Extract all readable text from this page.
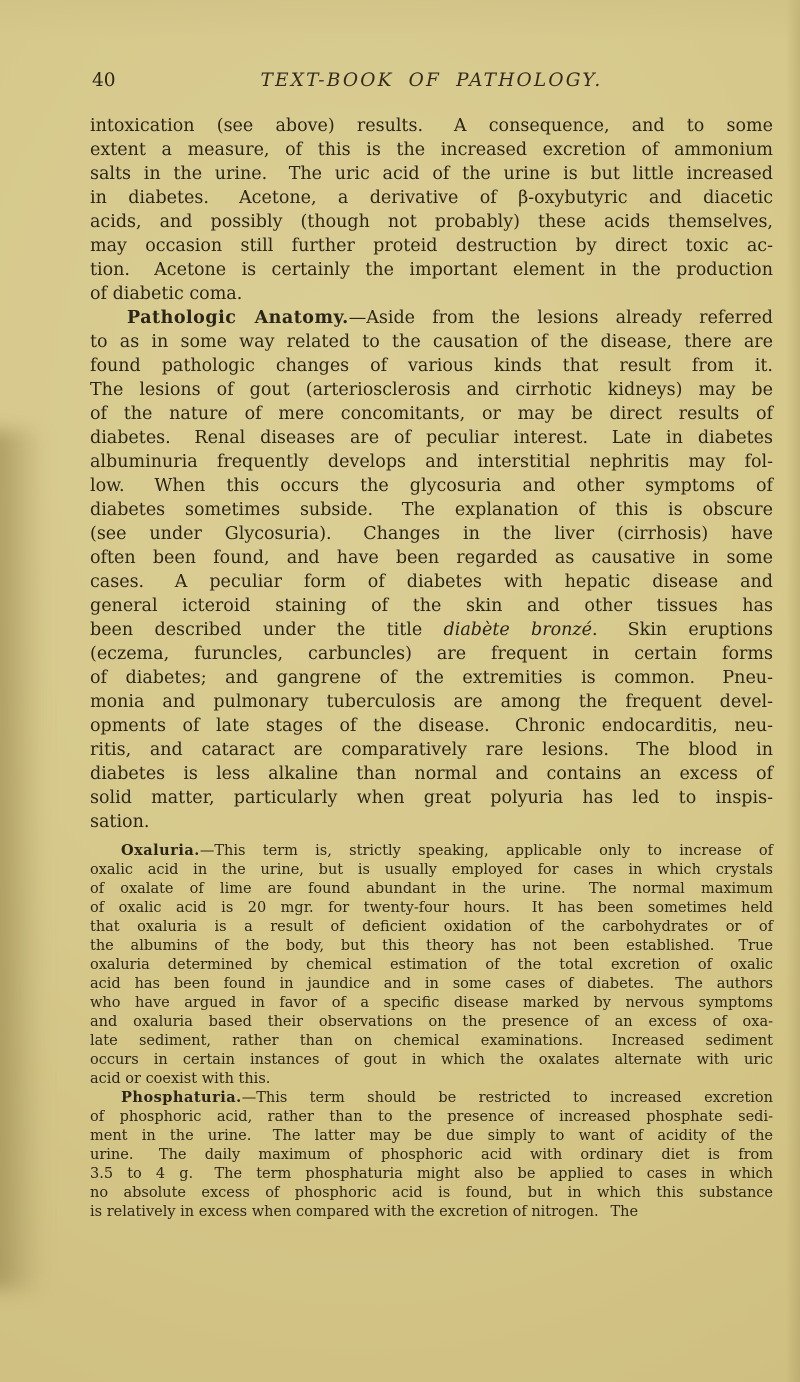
40	TEXT-BOOK OF PATHOLOGY.
intoxication (see above) results.  A consequence, and to some
extent a measure, of this is the increased excretion of ammonium
salts in the urine.  The uric acid of the urine is but little increased
in diabetes.  Acetone, a derivative of β-oxybutyric and diacetic
acids, and possibly (though not probably) these acids themselves,
may occasion still further proteid destruction by direct toxic ac-
tion.  Acetone is certainly the important element in the production
of diabetic coma.
Pathologic Anatomy.—Aside from the lesions already referred
to as in some way related to the causation of the disease, there are
found pathologic changes of various kinds that result from it.
The lesions of gout (arteriosclerosis and cirrhotic kidneys) may be
of the nature of mere concomitants, or may be direct results of
diabetes.  Renal diseases are of peculiar interest.  Late in diabetes
albuminuria frequently develops and interstitial nephritis may fol-
low.  When this occurs the glycosuria and other symptoms of
diabetes sometimes subside.  The explanation of this is obscure
(see under Glycosuria).  Changes in the liver (cirrhosis) have
often been found, and have been regarded as causative in some
cases.  A peculiar form of diabetes with hepatic disease and
general icteroid staining of the skin and other tissues has
been described under the title diabète bronzé.  Skin eruptions
(eczema, furuncles, carbuncles) are frequent in certain forms
of diabetes; and gangrene of the extremities is common.  Pneu-
monia and pulmonary tuberculosis are among the frequent devel-
opments of late stages of the disease.  Chronic endocarditis, neu-
ritis, and cataract are comparatively rare lesions.  The blood in
diabetes is less alkaline than normal and contains an excess of
solid matter, particularly when great polyuria has led to inspis-
sation.
Oxaluria.—This term is, strictly speaking, applicable only to increase of
oxalic acid in the urine, but is usually employed for cases in which crystals
of oxalate of lime are found abundant in the urine.  The normal maximum
of oxalic acid is 20 mgr. for twenty-four hours.  It has been sometimes held
that oxaluria is a result of deficient oxidation of the carbohydrates or of
the albumins of the body, but this theory has not been established.  True
oxaluria determined by chemical estimation of the total excretion of oxalic
acid has been found in jaundice and in some cases of diabetes.  The authors
who have argued in favor of a specific disease marked by nervous symptoms
and oxaluria based their observations on the presence of an excess of oxa-
late sediment, rather than on chemical examinations.  Increased sediment
occurs in certain instances of gout in which the oxalates alternate with uric
acid or coexist with this.
Phosphaturia.—This term should be restricted to increased excretion
of phosphoric acid, rather than to the presence of increased phosphate sedi-
ment in the urine.  The latter may be due simply to want of acidity of the
urine.  The daily maximum of phosphoric acid with ordinary diet is from
3.5 to 4 g.  The term phosphaturia might also be applied to cases in which
no absolute excess of phosphoric acid is found, but in which this substance
is relatively in excess when compared with the excretion of nitrogen.  The
